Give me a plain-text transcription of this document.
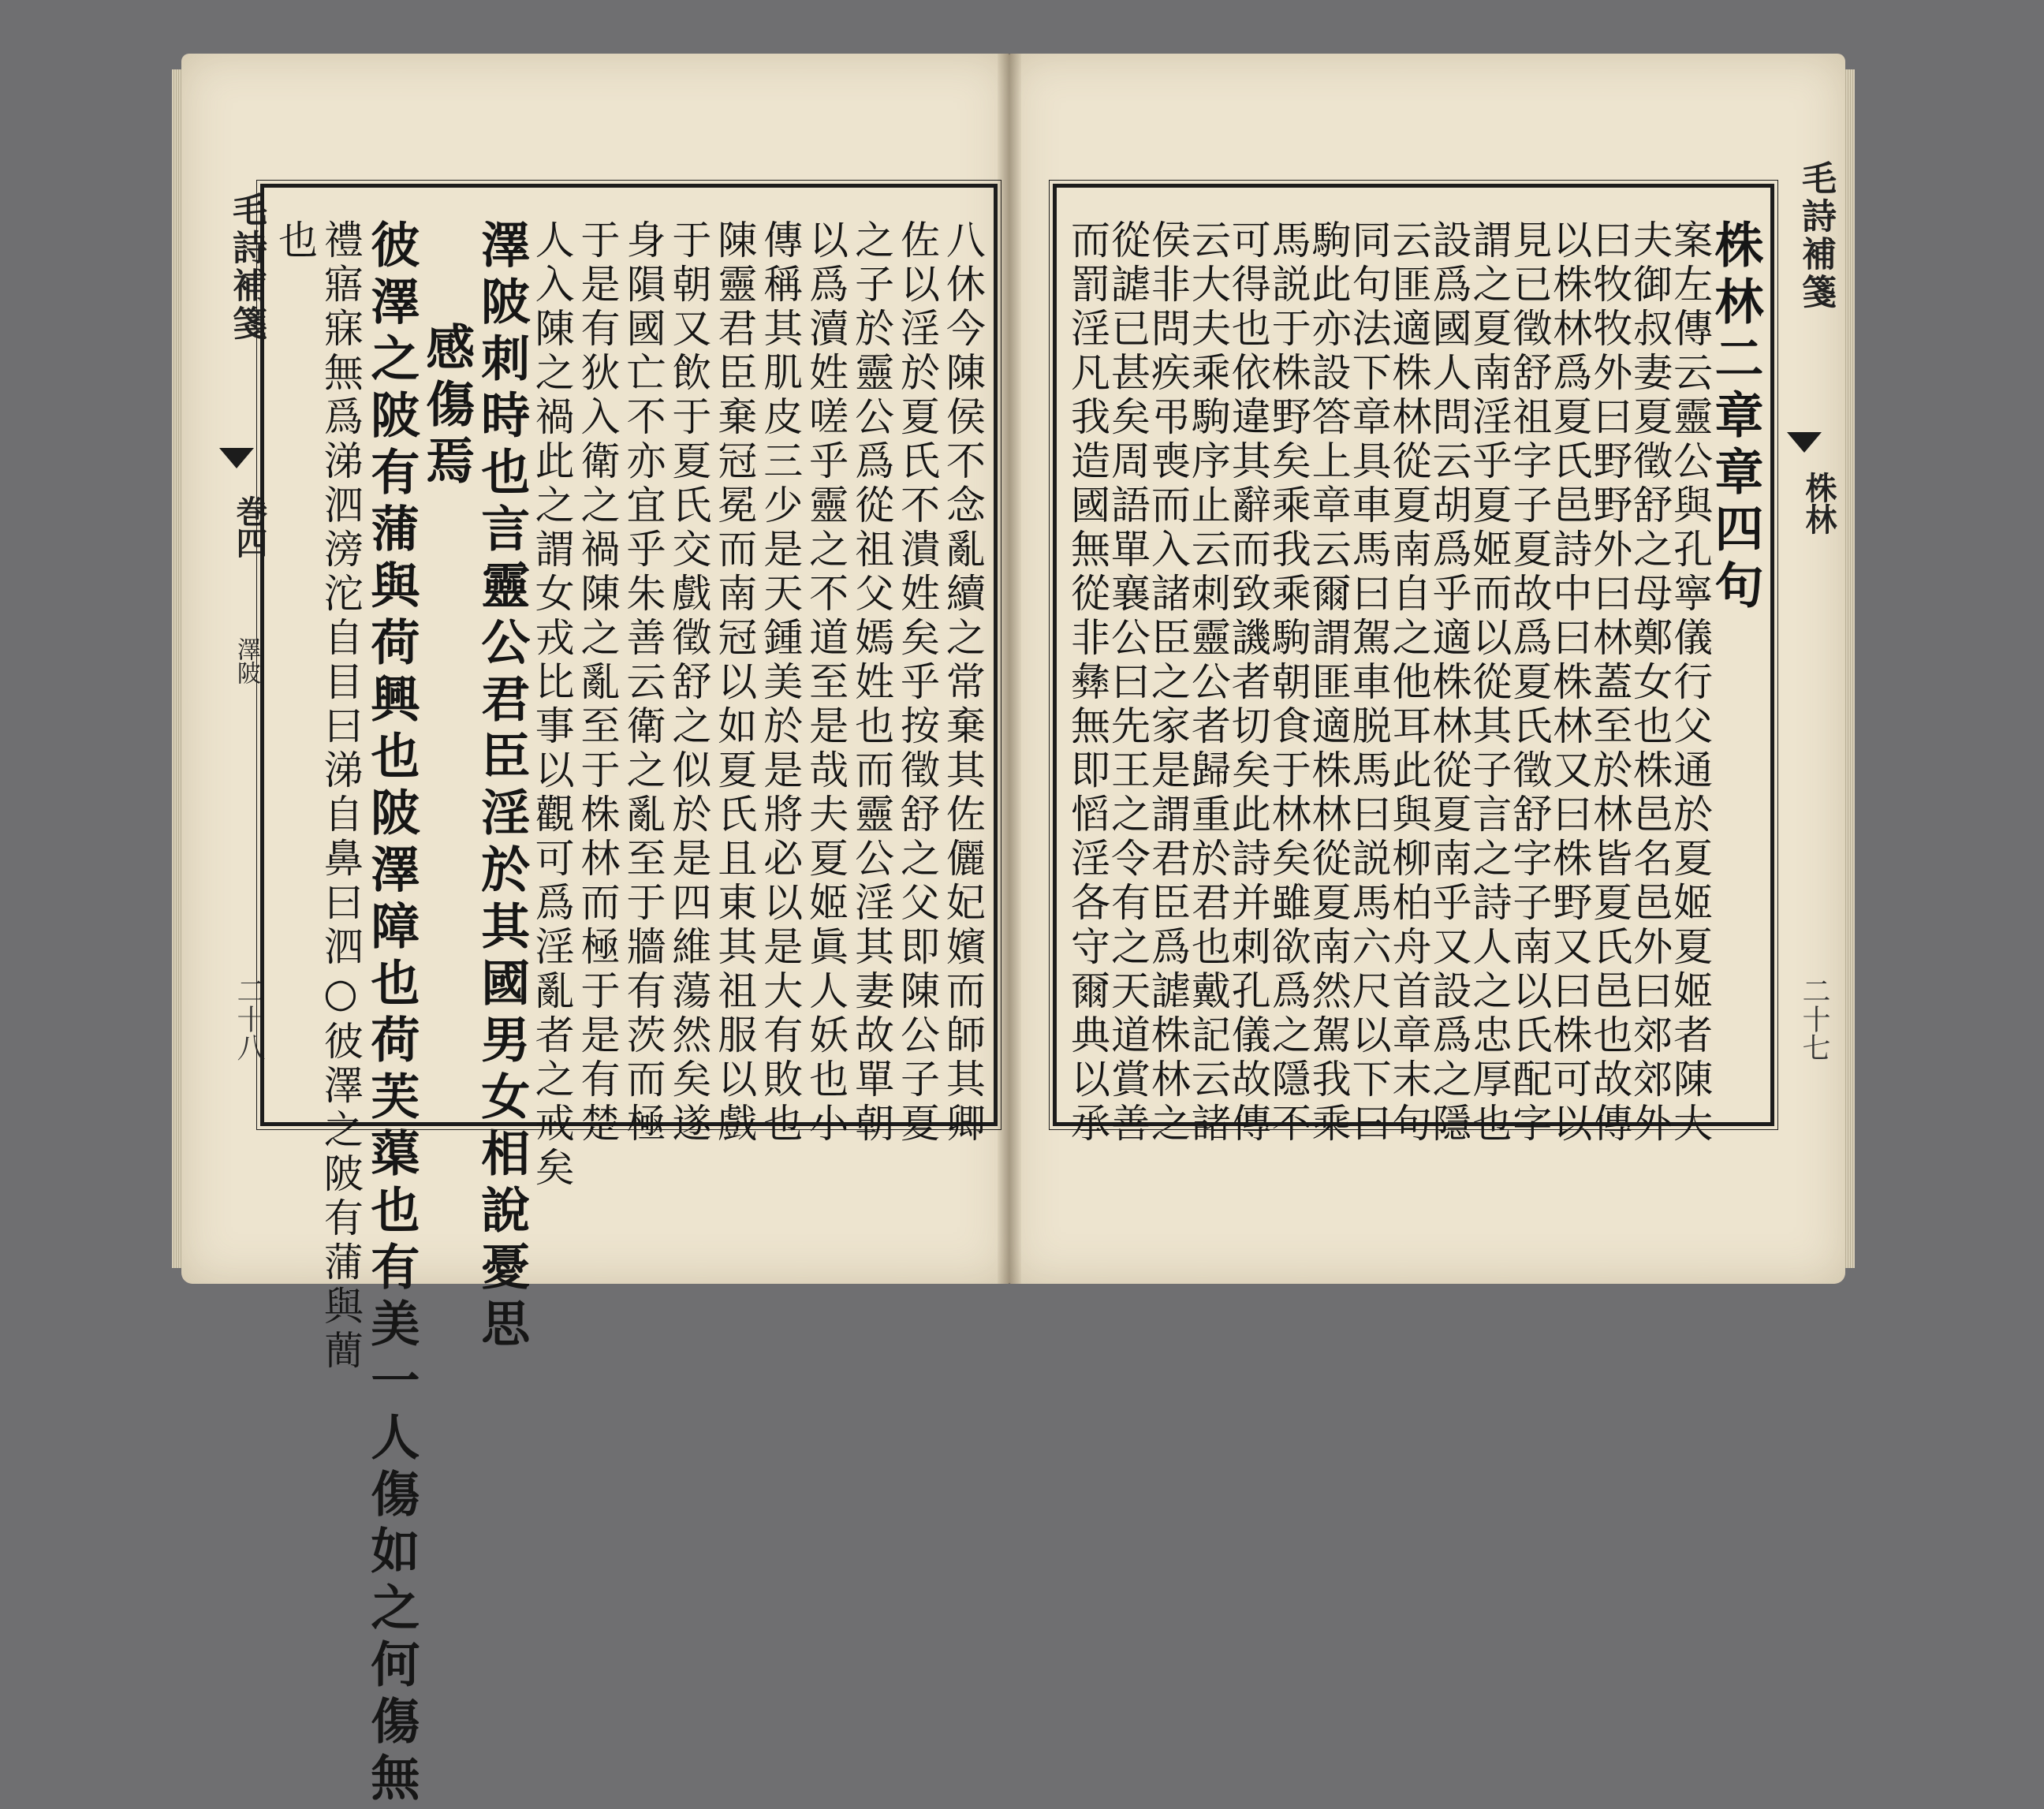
毛詩補箋
巻四
澤陂
二十八	八休今陳侯不念亂續之常棄其佐儷妃嬪而師其卿
佐以淫於夏氏不潰姓矣乎按徵舒之父即陳公子夏
之子於靈公爲從祖父嫣姓也而靈公淫其妻故單朝
以爲瀆姓嗟乎靈之不道至是哉夫夏姬眞人妖也小
傳稱其肌皮三少是天鍾美於是將必以是大有敗也
陳靈君臣棄冠冕而南冠以如夏氏且東其祖服以戲
于朝又飲于夏氏交戲徵舒之似於是四維蕩然矣遂
身隕國亡不亦宜乎朱善云衛之亂至于牆有茨而極
于是有狄入衛之禍陳之亂至于株林而極于是有楚
人入陳之禍此之謂女戎比事以觀可爲淫亂者之戒矣
澤陂刺時也言靈公君臣淫於其國男女相說憂思
感傷焉
彼澤之陂有蒲與荷興也陂澤障也荷芙蕖也有美一人傷如之何傷無
禮寤寐無爲涕泗滂沱自目曰涕自鼻曰泗○彼澤之陂有蒲與蕳
也	毛詩補箋
株林
二十七
株林二章章四句
案左傳云靈公與孔寧儀行父通於夏姬夏姬者陳大
夫御叔妻夏徵舒之母鄭女也株邑名邑外曰郊郊外
曰牧牧外曰野野外曰林蓋至於林皆夏氏邑也故傳
以株林爲夏氏邑詩中曰株林又曰株野又曰株可以
見已徵舒祖字子夏故爲夏氏徵舒字子南以氏配字
謂之夏南淫乎夏姬而以從其子言之詩人之忠厚也
設爲國人問云胡爲乎適株林從夏南乎又設爲之隱
云匪適株林從夏南自之他耳此與柳柏舟首章末句
同句法下章具車馬曰駕車脱馬曰説馬六尺以下曰
駒此亦設答上章云爾謂匪適株林從夏南然駕我乘
馬説于株野矣乘我乘駒朝食于林矣雖欲爲之隱不
可得也依違其辭而致譏者切矣此詩并刺孔儀故傳
云大夫乘駒序止云刺靈公者歸重於君也戴記云諸
侯非問疾弔喪而入諸臣之家是謂君臣爲謔株林之
從謔已甚矣周語單襄公曰先王之令有之天道賞善
而罰淫凡我造國無從非彝無即慆淫各守爾典以承
